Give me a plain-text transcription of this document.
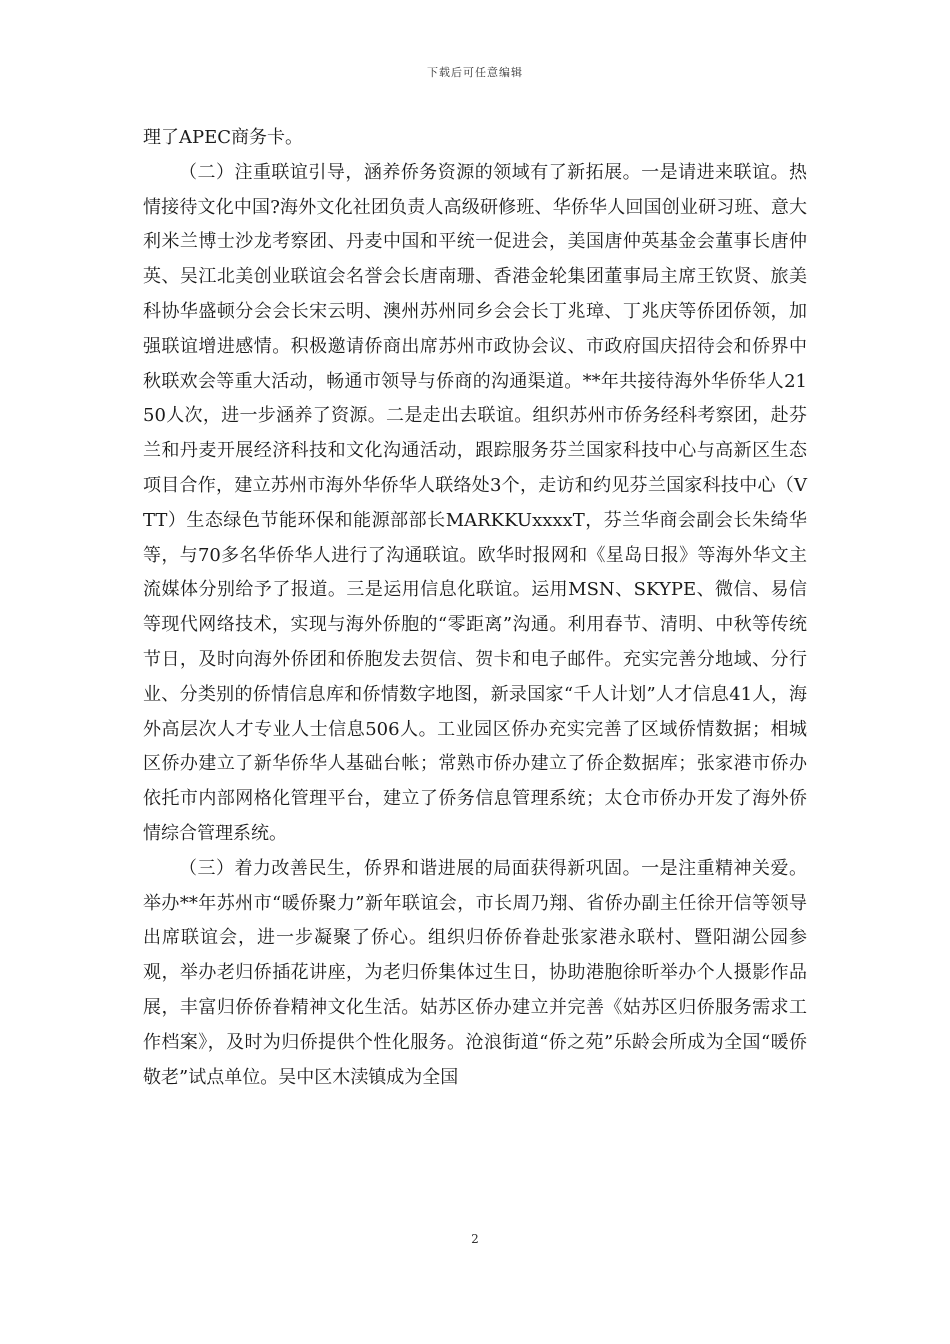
下载后可任意编辑

理了APEC商务卡。

（二）注重联谊引导，涵养侨务资源的领域有了新拓展。一是请进来联谊。热情接待文化中国?海外文化社团负责人高级研修班、华侨华人回国创业研习班、意大利米兰博士沙龙考察团、丹麦中国和平统一促进会，美国唐仲英基金会董事长唐仲英、吴江北美创业联谊会名誉会长唐南珊、香港金轮集团董事局主席王钦贤、旅美科协华盛顿分会会长宋云明、澳州苏州同乡会会长丁兆璋、丁兆庆等侨团侨领，加强联谊增进感情。积极邀请侨商出席苏州市政协会议、市政府国庆招待会和侨界中秋联欢会等重大活动，畅通市领导与侨商的沟通渠道。**年共接待海外华侨华人2150人次，进一步涵养了资源。二是走出去联谊。组织苏州市侨务经科考察团，赴芬兰和丹麦开展经济科技和文化沟通活动，跟踪服务芬兰国家科技中心与高新区生态项目合作，建立苏州市海外华侨华人联络处3个，走访和约见芬兰国家科技中心（VTT）生态绿色节能环保和能源部部长MARKKUxxxxT，芬兰华商会副会长朱绮华等，与70多名华侨华人进行了沟通联谊。欧华时报网和《星岛日报》等海外华文主流媒体分别给予了报道。三是运用信息化联谊。运用MSN、SKYPE、微信、易信等现代网络技术，实现与海外侨胞的“零距离”沟通。利用春节、清明、中秋等传统节日，及时向海外侨团和侨胞发去贺信、贺卡和电子邮件。充实完善分地域、分行业、分类别的侨情信息库和侨情数字地图，新录国家“千人计划”人才信息41人，海外高层次人才专业人士信息506人。工业园区侨办充实完善了区域侨情数据；相城区侨办建立了新华侨华人基础台帐；常熟市侨办建立了侨企数据库；张家港市侨办依托市内部网格化管理平台，建立了侨务信息管理系统；太仓市侨办开发了海外侨情综合管理系统。

（三）着力改善民生，侨界和谐进展的局面获得新巩固。一是注重精神关爱。举办**年苏州市“暖侨聚力”新年联谊会，市长周乃翔、省侨办副主任徐开信等领导出席联谊会，进一步凝聚了侨心。组织归侨侨眷赴张家港永联村、暨阳湖公园参观，举办老归侨插花讲座，为老归侨集体过生日，协助港胞徐昕举办个人摄影作品展，丰富归侨侨眷精神文化生活。姑苏区侨办建立并完善《姑苏区归侨服务需求工作档案》，及时为归侨提供个性化服务。沧浪街道“侨之苑”乐龄会所成为全国“暖侨敬老”试点单位。吴中区木渎镇成为全国

2
